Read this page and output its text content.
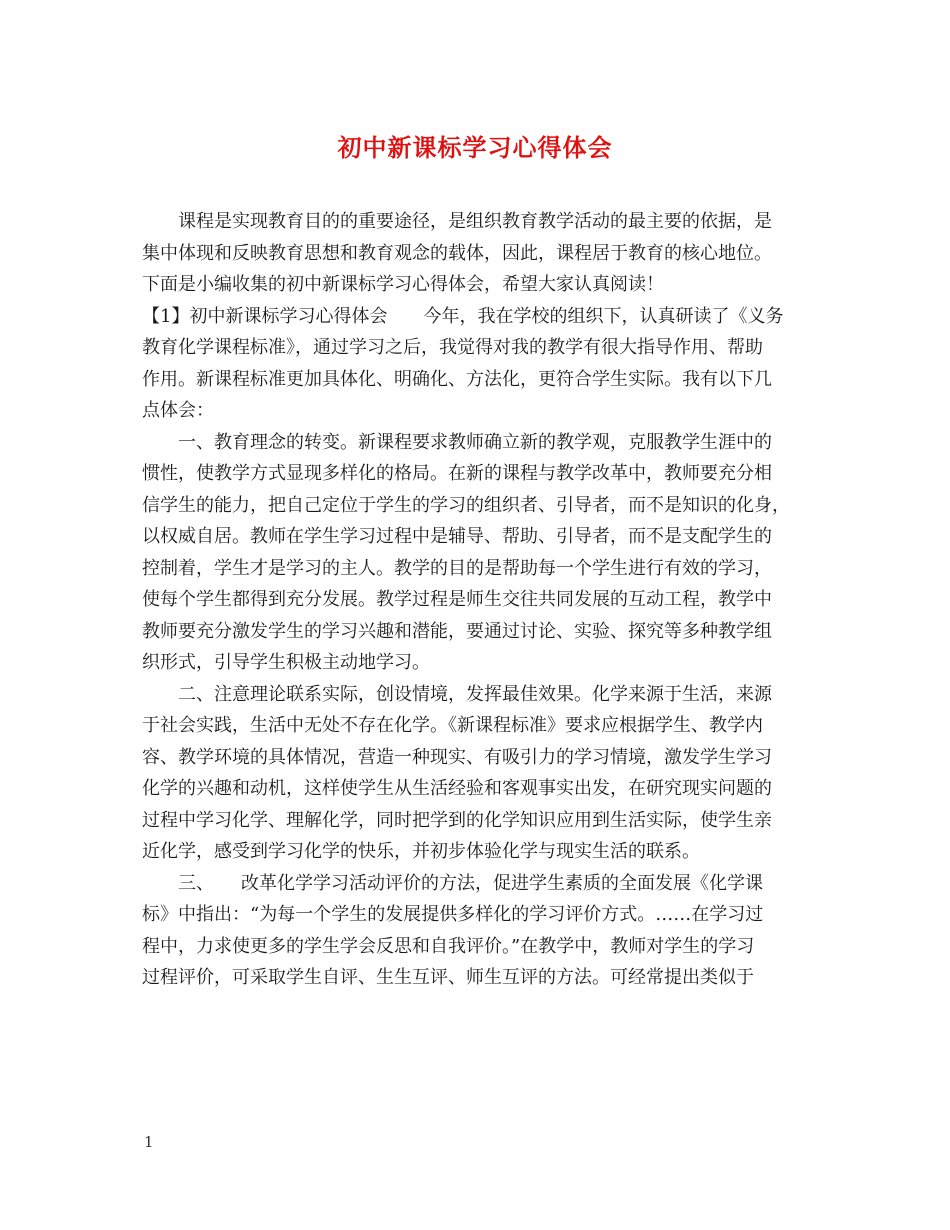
初中新课标学习心得体会
课程是实现教育目的的重要途径，是组织教育教学活动的最主要的依据，是
集中体现和反映教育思想和教育观念的载体，因此，课程居于教育的核心地位。
下面是小编收集的初中新课标学习心得体会，希望大家认真阅读！
【1】初中新课标学习心得体会　　今年，我在学校的组织下，认真研读了《义务
教育化学课程标准》，通过学习之后，我觉得对我的教学有很大指导作用、帮助
作用。新课程标准更加具体化、明确化、方法化，更符合学生实际。我有以下几
点体会：
一、教育理念的转变。新课程要求教师确立新的教学观，克服教学生涯中的
惯性，使教学方式显现多样化的格局。在新的课程与教学改革中，教师要充分相
信学生的能力，把自己定位于学生的学习的组织者、引导者，而不是知识的化身，
以权威自居。教师在学生学习过程中是辅导、帮助、引导者，而不是支配学生的
控制着，学生才是学习的主人。教学的目的是帮助每一个学生进行有效的学习，
使每个学生都得到充分发展。教学过程是师生交往共同发展的互动工程，教学中
教师要充分激发学生的学习兴趣和潜能，要通过讨论、实验、探究等多种教学组
织形式，引导学生积极主动地学习。
二、注意理论联系实际，创设情境，发挥最佳效果。化学来源于生活，来源
于社会实践，生活中无处不存在化学。《新课程标准》要求应根据学生、教学内
容、教学环境的具体情况，营造一种现实、有吸引力的学习情境，激发学生学习
化学的兴趣和动机，这样使学生从生活经验和客观事实出发，在研究现实问题的
过程中学习化学、理解化学，同时把学到的化学知识应用到生活实际，使学生亲
近化学，感受到学习化学的快乐，并初步体验化学与现实生活的联系。
三、　　改革化学学习活动评价的方法，促进学生素质的全面发展《化学课
标》中指出：“为每一个学生的发展提供多样化的学习评价方式。……在学习过
程中，力求使更多的学生学会反思和自我评价。”在教学中，教师对学生的学习
过程评价，可采取学生自评、生生互评、师生互评的方法。可经常提出类似于
1
